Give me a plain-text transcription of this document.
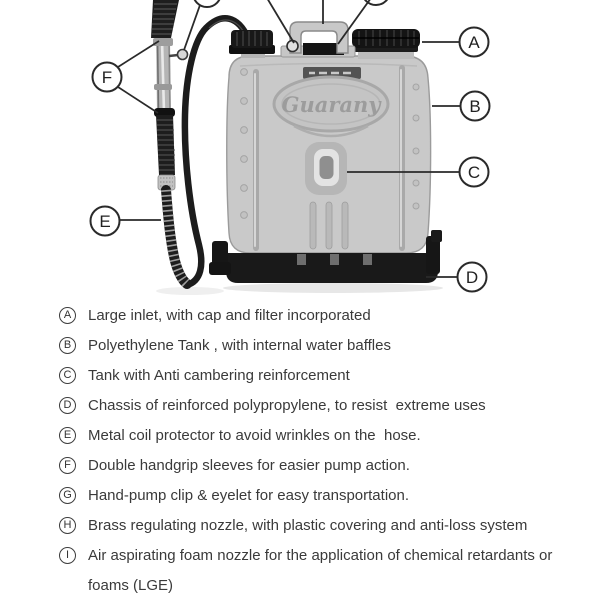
Guarany
A
B
C
D
E
F
A	Large inlet, with cap and filter incorporated
B	Polyethylene Tank , with internal water baffles
C	Tank with Anti cambering reinforcement
D	Chassis of reinforced polypropylene, to resist  extreme uses
E	Metal coil protector to avoid wrinkles on the  hose.
F	Double handgrip sleeves for easier pump action.
G Hand-pump clip & eyelet for easy transportation.
H	Brass regulating nozzle, with plastic covering and anti-loss system
I	Air aspirating foam nozzle for the application of chemical retardants or foams (LGE)
